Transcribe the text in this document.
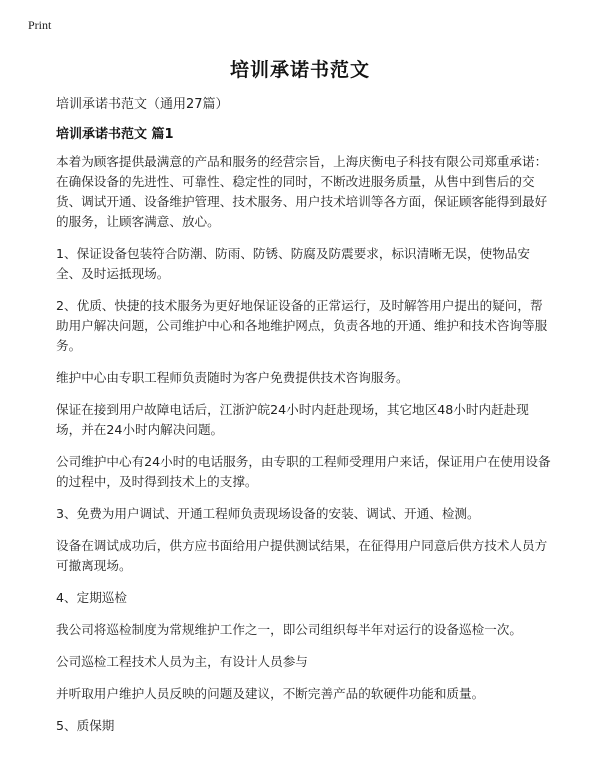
Print
培训承诺书范文
培训承诺书范文（通用27篇）
培训承诺书范文 篇1

本着为顾客提供最满意的产品和服务的经营宗旨，上海庆衡电子科技有限公司郑重承诺：在确保设备的先进性、可靠性、稳定性的同时，不断改进服务质量，从售中到售后的交货、调试开通、设备维护管理、技术服务、用户技术培训等各方面，保证顾客能得到最好的服务，让顾客满意、放心。

1、保证设备包装符合防潮、防雨、防锈、防腐及防震要求，标识清晰无误，使物品安全、及时运抵现场。

2、优质、快捷的技术服务为更好地保证设备的正常运行，及时解答用户提出的疑问，帮助用户解决问题，公司维护中心和各地维护网点，负责各地的开通、维护和技术咨询等服务。

维护中心由专职工程师负责随时为客户免费提供技术咨询服务。

保证在接到用户故障电话后，江浙沪皖24小时内赶赴现场，其它地区48小时内赶赴现场，并在24小时内解决问题。

公司维护中心有24小时的电话服务，由专职的工程师受理用户来话，保证用户在使用设备的过程中，及时得到技术上的支撑。

3、免费为用户调试、开通工程师负责现场设备的安装、调试、开通、检测。

设备在调试成功后，供方应书面给用户提供测试结果，在征得用户同意后供方技术人员方可撤离现场。

4、定期巡检

我公司将巡检制度为常规维护工作之一，即公司组织每半年对运行的设备巡检一次。

公司巡检工程技术人员为主，有设计人员参与

并听取用户维护人员反映的问题及建议，不断完善产品的软硬件功能和质量。

5、质保期
